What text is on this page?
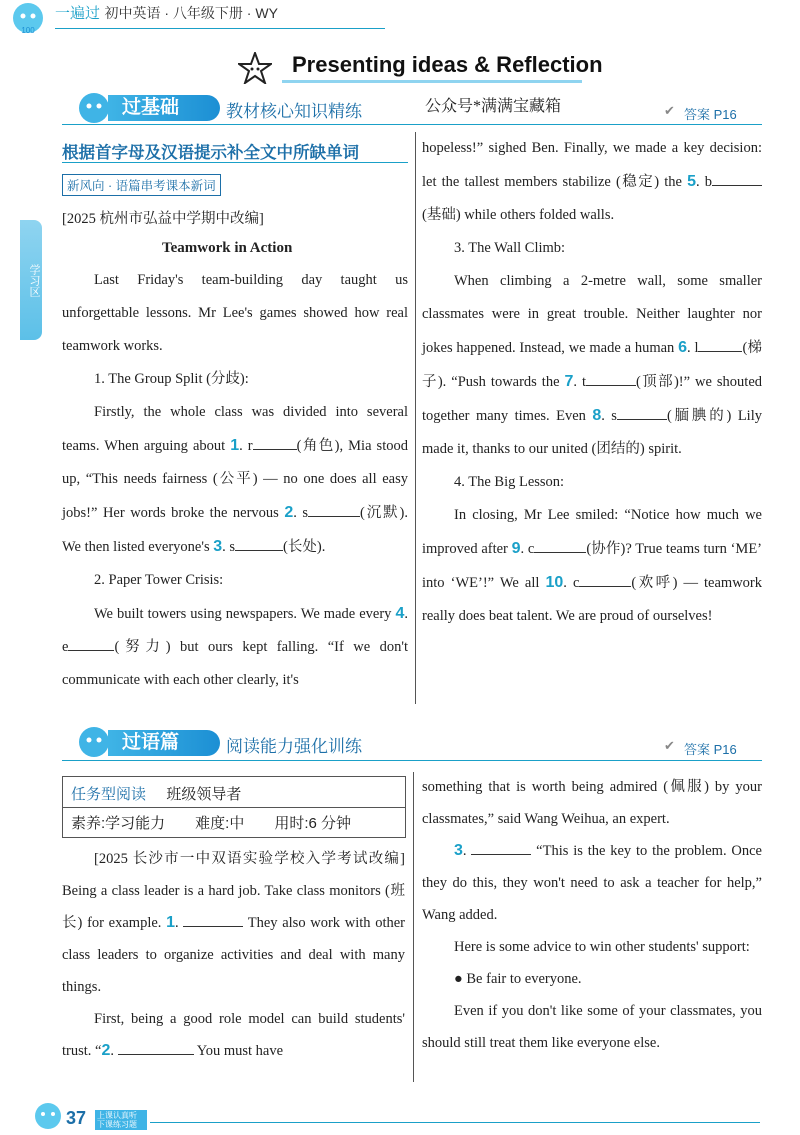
100
一遍过 初中英语 · 八年级下册 · WY
Presenting ideas & Reflection
过基础	教材核心知识精练	公众号*满满宝藏箱	✔ 答案 P16
学习区
根据首字母及汉语提示补全文中所缺单词
新风向 · 语篇串考课本新词
[2025 杭州市弘益中学期中改编]
Teamwork in Action
Last Friday's team-building day taught us unforgettable lessons. Mr Lee's games showed how real teamwork works.
1. The Group Split (分歧):
Firstly, the whole class was divided into several teams. When arguing about 1. r	(角色), Mia stood up, “This needs fairness (公平) — no one does all easy jobs!” Her words broke the nervous 2. s	(沉默). We then listed everyone's 3. s	(长处).
2. Paper Tower Crisis:
We built towers using newspapers. We made every 4. e	(努力) but ours kept falling. “If we don't communicate with each other clearly, it's
hopeless!” sighed Ben. Finally, we made a key decision: let the tallest members stabilize (稳定) the 5. b(基础) while others folded walls.
3. The Wall Climb:
When climbing a 2-metre wall, some smaller classmates were in great trouble. Neither laughter nor jokes happened. Instead, we made a human 6. l	(梯子). “Push towards the 7. t	(顶部)!” we shouted together many times. Even 8. s	(腼腆的) Lily made it, thanks to our united (团结的) spirit.
4. The Big Lesson:
In closing, Mr Lee smiled: “Notice how much we improved after 9. c	(协作)? True teams turn ‘ME’ into ‘WE’!” We all 10. c	(欢呼) — teamwork really does beat talent. We are proud of ourselves!
过语篇	阅读能力强化训练	✔ 答案 P16
任务型阅读 班级领导者
素养:学习能力　　难度:中　　用时:6 分钟
[2025 长沙市一中双语实验学校入学考试改编] Being a class leader is a hard job. Take class monitors (班长) for example. 1.	They also work with other class leaders to organize activities and deal with many things.
First, being a good role model can build students' trust. “2.	You must have
something that is worth being admired (佩服) by your classmates,” said Wang Weihua, an expert.
3.	“This is the key to the problem. Once they do this, they won't need to ask a teacher for help,” Wang added.
Here is some advice to win other students' support:
● Be fair to everyone.
Even if you don't like some of your classmates, you should still treat them like everyone else.
37 上课认真听 下课练习题
